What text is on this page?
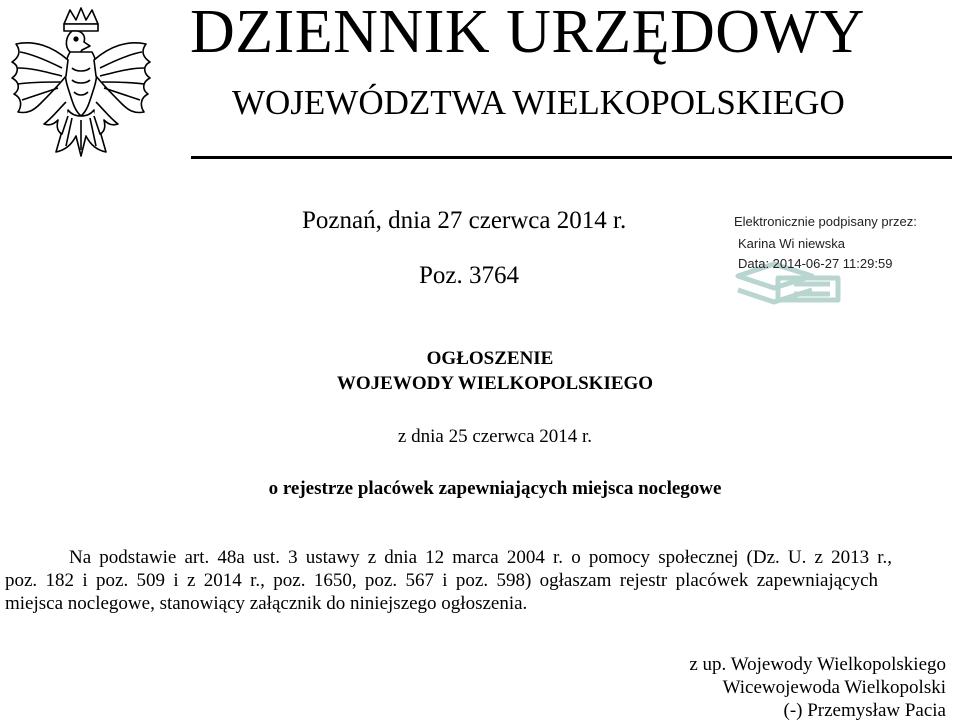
DZIENNIK URZĘDOWY
WOJEWÓDZTWA WIELKOPOLSKIEGO
Poznań, dnia 27 czerwca 2014 r.
Poz. 3764
Elektronicznie podpisany przez:
Karina Wi niewska
Data: 2014-06-27 11:29:59
OGŁOSZENIE
WOJEWODY WIELKOPOLSKIEGO
z dnia 25 czerwca 2014 r.
o rejestrze placówek zapewniających miejsca noclegowe
Na podstawie art. 48a ust. 3 ustawy z dnia 12 marca 2004 r. o pomocy społecznej (Dz. U. z 2013 r.,
poz. 182 i poz. 509 i z 2014 r., poz. 1650, poz. 567 i poz. 598) ogłaszam rejestr placówek zapewniających
miejsca noclegowe, stanowiący załącznik do niniejszego ogłoszenia.
z up. Wojewody Wielkopolskiego
Wicewojewoda Wielkopolski
(-) Przemysław Pacia
